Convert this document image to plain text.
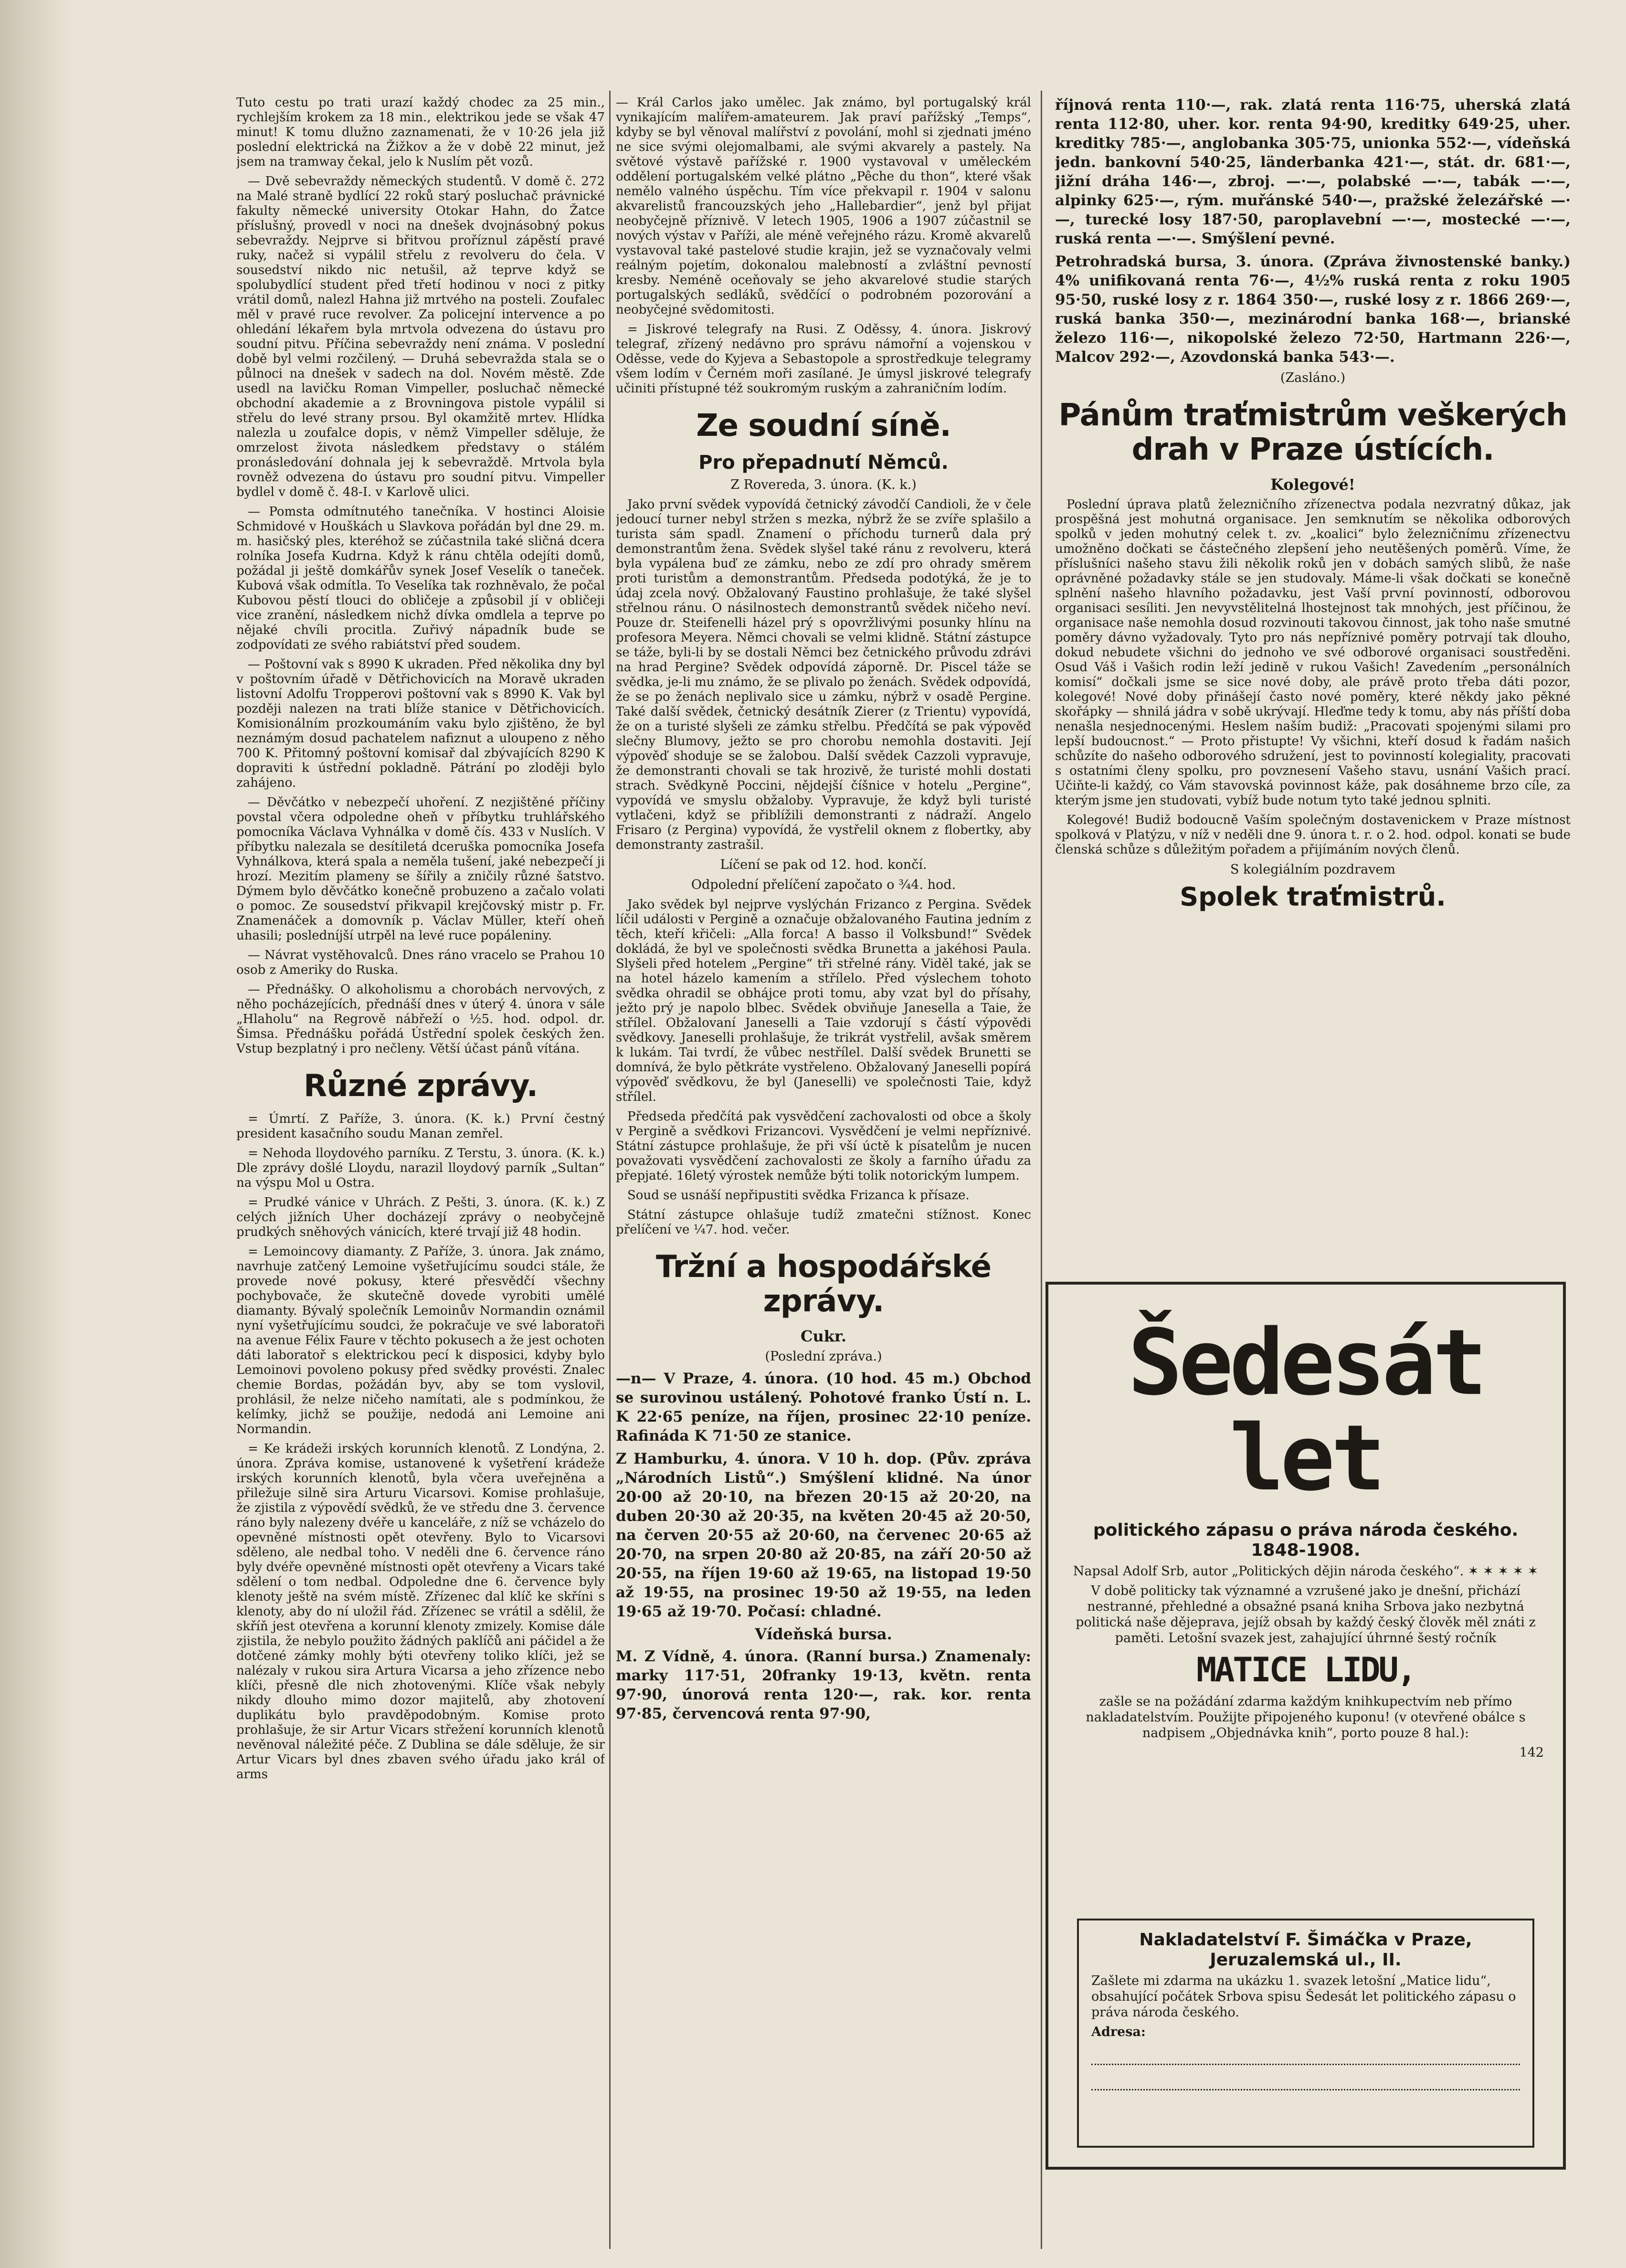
Tuto cestu po trati urazí každý chodec za 25 min., rychlejším krokem za 18 min., elektrikou jede se však 47 minut! K tomu dlužno zaznamenati, že v 10·26 jela již poslední elektrická na Žižkov a že v době 22 minut, jež jsem na tramway čekal, jelo k Nuslím pět vozů.

— Dvě sebevraždy německých studentů. V domě č. 272 na Malé straně bydlící 22 roků starý posluchač právnické fakulty německé university Otokar Hahn, do Žatce příslušný, provedl v noci na dnešek dvojnásobný pokus sebevraždy. Nejprve si břitvou proříznul zápěstí pravé ruky, načež si vypálil střelu z revolveru do čela. V sousedství nikdo nic netušil, až teprve když se spolubydlící student před třetí hodinou v noci z pitky vrátil domů, nalezl Hahna již mrtvého na posteli. Zoufalec měl v pravé ruce revolver. Za policejní intervence a po ohledání lékařem byla mrtvola odvezena do ústavu pro soudní pitvu. Příčina sebevraždy není známa. V poslední době byl velmi rozčilený. — Druhá sebevražda stala se o půlnoci na dnešek v sadech na dol. Novém městě. Zde usedl na lavičku Roman Vimpeller, posluchač německé obchodní akademie a z Brovningova pistole vypálil si střelu do levé strany prsou. Byl okamžitě mrtev. Hlídka nalezla u zoufalce dopis, v němž Vimpeller sděluje, že omrzelost života následkem představy o stálém pronásledování dohnala jej k sebevraždě. Mrtvola byla rovněž odvezena do ústavu pro soudní pitvu. Vimpeller bydlel v domě č. 48-I. v Karlově ulici.

— Pomsta odmítnutého tanečníka. V hostinci Aloisie Schmidové v Houškách u Slavkova pořádán byl dne 29. m. m. hasičský ples, kteréhož se zúčastnila také sličná dcera rolníka Josefa Kudrna. Když k ránu chtěla odejíti domů, požádal ji ještě domkářův synek Josef Veselík o taneček. Kubová však odmítla. To Veselíka tak rozhněvalo, že počal Kubovou pěstí tlouci do obličeje a způsobil jí v obličeji vice zranění, následkem nichž dívka omdlela a teprve po nějaké chvíli procitla. Zuřivý nápadník bude se zodpovídati ze svého rabiátství před soudem.

— Poštovní vak s 8990 K ukraden. Před několika dny byl v poštovním úřadě v Dětřichovicích na Moravě ukraden listovní Adolfu Tropperovi poštovní vak s 8990 K. Vak byl později nalezen na trati blíže stanice v Dětřichovicích. Komisionálním prozkoumáním vaku bylo zjištěno, že byl neznámým dosud pachatelem nafiznut a uloupeno z něho 700 K. Přitomný poštovní komisař dal zbývajících 8290 K dopraviti k ústřední pokladně. Pátrání po zloději bylo zahájeno.

— Děvčátko v nebezpečí uhoření. Z nezjištěné příčiny povstal včera odpoledne oheň v příbytku truhlářského pomocníka Václava Vyhnálka v domě čís. 433 v Nuslích. V příbytku nalezala se desítiletá dceruška pomocníka Josefa Vyhnálkova, která spala a neměla tušení, jaké nebezpečí ji hrozí. Mezitím plameny se šířily a zničily různé šatstvo. Dýmem bylo děvčátko konečně probuzeno a začalo volati o pomoc. Ze sousedství přikvapil krejčovský mistr p. Fr. Znamenáček a domovník p. Václav Müller, kteří oheň uhasili; posledníjší utrpěl na levé ruce popáleniny.

— Návrat vystěhovalců. Dnes ráno vracelo se Prahou 10 osob z Ameriky do Ruska.

— Přednášky. O alkoholismu a chorobách nervových, z něho pocházejících, přednáší dnes v úterý 4. února v sále „Hlaholu“ na Regrově nábřeží o ½5. hod. odpol. dr. Šimsa. Přednášku pořádá Ústřední spolek českých žen. Vstup bezplatný i pro nečleny. Větší účast pánů vítána.

Různé zprávy.

= Úmrtí. Z Paříže, 3. února. (K. k.) První čestný president kasačního soudu Manan zemřel.

= Nehoda lloydového parníku. Z Terstu, 3. února. (K. k.) Dle zprávy došlé Lloydu, narazil lloydový parník „Sultan“ na výspu Mol u Ostra.

= Prudké vánice v Uhrách. Z Pešti, 3. února. (K. k.) Z celých jižních Uher docházejí zprávy o neobyčejně prudkých sněhových vánicích, které trvají již 48 hodin.

= Lemoincovy diamanty. Z Paříže, 3. února. Jak známo, navrhuje zatčený Lemoine vyšetřujícímu soudci stále, že provede nové pokusy, které přesvědčí všechny pochybovače, že skutečně dovede vyrobiti umělé diamanty. Bývalý společník Lemoinův Normandin oznámil nyní vyšetřujícímu soudci, že pokračuje ve své laboratoři na avenue Félix Faure v těchto pokusech a že jest ochoten dáti laboratoř s elektrickou pecí k disposici, kdyby bylo Lemoinovi povoleno pokusy před svědky provésti. Znalec chemie Bordas, požádán byv, aby se tom vyslovil, prohlásil, že nelze ničeho namítati, ale s podmínkou, že kelímky, jichž se použije, nedodá ani Lemoine ani Normandin.

= Ke krádeži irských korunních klenotů. Z Londýna, 2. února. Zpráva komise, ustanovené k vyšetření krádeže irských korunních klenotů, byla včera uveřejněna a přiležuje silně sira Arturu Vicarsovi. Komise prohlašuje, že zjistila z výpovědí svědků, že ve středu dne 3. července ráno byly nalezeny dvéře u kanceláře, z níž se vcházelo do opevněné místnosti opět otevřeny. Bylo to Vicarsovi sděleno, ale nedbal toho. V neděli dne 6. července ráno byly dvéře opevněné místnosti opět otevřeny a Vicars také sdělení o tom nedbal. Odpoledne dne 6. července byly klenoty ještě na svém místě. Zřízenec dal klíč ke skříni s klenoty, aby do ní uložil řád. Zřízenec se vrátil a sdělil, že skříň jest otevřena a korunní klenoty zmizely. Komise dále zjistila, že nebylo použito žádných paklíčů ani páčidel a že dotčené zámky mohly býti otevřeny toliko klíči, jež se nalézaly v rukou sira Artura Vicarsa a jeho zřízence nebo klíči, přesně dle nich zhotovenými. Klíče však nebyly nikdy dlouho mimo dozor majitelů, aby zhotovení duplikátu bylo pravděpodobným. Komise proto prohlašuje, že sir Artur Vicars střežení korunních klenotů nevěnoval náležité péče. Z Dublina se dále sděluje, že sir Artur Vicars byl dnes zbaven svého úřadu jako král of arms

— Král Carlos jako umělec. Jak známo, byl portugalský král vynikajícím malířem-amateurem. Jak praví pařížský „Temps“, kdyby se byl věnoval malířství z povolání, mohl si zjednati jméno ne sice svými olejomalbami, ale svými akvarely a pastely. Na světové výstavě pařížské r. 1900 vystavoval v uměleckém oddělení portugalském velké plátno „Pêche du thon“, které však nemělo valného úspěchu. Tím více překvapil r. 1904 v salonu akvarelistů francouzských jeho „Hallebardier“, jenž byl přijat neobyčejně příznivě. V letech 1905, 1906 a 1907 zúčastnil se nových výstav v Paříži, ale méně veřejného rázu. Kromě akvarelů vystavoval také pastelové studie krajin, jež se vyznačovaly velmi reálným pojetím, dokonalou malebností a zvláštní pevností kresby. Neméně oceňovaly se jeho akvarelové studie starých portugalských sedláků, svědčící o podrobném pozorování a neobyčejné svědomitosti.

= Jiskrové telegrafy na Rusi. Z Oděssy, 4. února. Jiskrový telegraf, zřízený nedávno pro správu námořní a vojenskou v Oděsse, vede do Kyjeva a Sebastopole a sprostředkuje telegramy všem lodím v Černém moři zasílané. Je úmysl jiskrové telegrafy učiniti přístupné též soukromým ruským a zahraničním lodím.

Ze soudní síně.
Pro přepadnutí Němců.

Z Rovereda, 3. února. (K. k.)

Jako první svědek vypovídá četnický závodčí Candioli, že v čele jedoucí turner nebyl stržen s mezka, nýbrž že se zvíře splašilo a turista sám spadl. Znamení o příchodu turnerů dala prý demonstrantům žena. Svědek slyšel také ránu z revolveru, která byla vypálena buď ze zámku, nebo ze zdí pro ohrady směrem proti turistům a demonstrantům. Předseda podotýká, že je to údaj zcela nový. Obžalovaný Faustino prohlašuje, že také slyšel střelnou ránu. O násilnostech demonstrantů svědek ničeho neví. Pouze dr. Steifenelli házel prý s opovržlivými posunky hlínu na profesora Meyera. Němci chovali se velmi klidně. Státní zástupce se táže, byli-li by se dostali Němci bez četnického průvodu zdrávi na hrad Pergine? Svědek odpovídá záporně. Dr. Piscel táže se svědka, je-li mu známo, že se plivalo po ženách. Svědek odpovídá, že se po ženách neplivalo sice u zámku, nýbrž v osadě Pergine. Také další svědek, četnický desátník Zierer (z Trientu) vypovídá, že on a turisté slyšeli ze zámku střelbu. Předčítá se pak výpověď slečny Blumovy, ježto se pro chorobu nemohla dostaviti. Její výpověď shoduje se se žalobou. Další svědek Cazzoli vypravuje, že demonstranti chovali se tak hrozivě, že turisté mohli dostati strach. Svědkyně Poccini, nějdejší číšnice v hotelu „Pergine“, vypovídá ve smyslu obžaloby. Vypravuje, že když byli turisté vytlačeni, když se přiblížili demonstranti z nádraží. Angelo Frisaro (z Pergina) vypovídá, že vystřelil oknem z flobertky, aby demonstranty zastrašil.

Líčení se pak od 12. hod. končí.

Odpolední přelíčení započato o ¾4. hod.

Jako svědek byl nejprve vyslýchán Frizanco z Pergina. Svědek líčil události v Pergině a označuje obžalovaného Fautina jedním z těch, kteří křičeli: „Alla forca! A basso il Volksbund!“ Svědek dokládá, že byl ve společnosti svědka Brunetta a jakéhosi Paula. Slyšeli před hotelem „Pergine“ tři střelné rány. Viděl také, jak se na hotel házelo kamením a střílelo. Před výslechem tohoto svědka ohradil se obhájce proti tomu, aby vzat byl do přísahy, ježto prý je napolo blbec. Svědek obviňuje Janesella a Taie, že střílel. Obžalovaní Janeselli a Taie vzdorují s částí výpovědi svědkovy. Janeselli prohlašuje, že trikrát vystřelil, avšak směrem k lukám. Tai tvrdí, že vůbec nestřílel. Další svědek Brunetti se domnívá, že bylo pětkráte vystřeleno. Obžalovaný Janeselli popírá výpověď svědkovu, že byl (Janeselli) ve společnosti Taie, když střílel.

Předseda předčítá pak vysvědčení zachovalosti od obce a školy v Pergině a svědkovi Frizancovi. Vysvědčení je velmi nepříznivé. Státní zástupce prohlašuje, že při vší úctě k písatelům je nucen považovati vysvědčení zachovalosti ze školy a farního úřadu za přepjaté. 16letý výrostek nemůže býti tolik notorickým lumpem.

Soud se usnáší nepřipustiti svědka Frizanca k přísaze.

Státní zástupce ohlašuje tudíž zmatečni stížnost. Konec přelíčení ve ¼7. hod. večer.

Tržní a hospodářské zprávy.
Cukr.

(Poslední zpráva.)

—n— V Praze, 4. února. (10 hod. 45 m.) Obchod se surovinou ustálený. Pohotové franko Ústí n. L. K 22·65 peníze, na říjen, prosinec 22·10 peníze. Rafináda K 71·50 ze stanice.

Z Hamburku, 4. února. V 10 h. dop. (Pův. zpráva „Národních Listů“.) Smýšlení klidné. Na únor 20·00 až 20·10, na březen 20·15 až 20·20, na duben 20·30 až 20·35, na květen 20·45 až 20·50, na červen 20·55 až 20·60, na červenec 20·65 až 20·70, na srpen 20·80 až 20·85, na září 20·50 až 20·55, na říjen 19·60 až 19·65, na listopad 19·50 až 19·55, na prosinec 19·50 až 19·55, na leden 19·65 až 19·70. Počasí: chladné.

Vídeňská bursa.

M. Z Vídně, 4. února. (Ranní bursa.) Znamenaly: marky 117·51, 20franky 19·13, květn. renta 97·90, únorová renta 120·—, rak. kor. renta 97·85, červencová renta 97·90,

říjnová renta 110·—, rak. zlatá renta 116·75, uherská zlatá renta 112·80, uher. kor. renta 94·90, kreditky 649·25, uher. kreditky 785·—, anglobanka 305·75, unionka 552·—, vídeňská jedn. bankovní 540·25, länderbanka 421·—, stát. dr. 681·—, jižní dráha 146·—, zbroj. —·—, polabské —·—, tabák —·—, alpinky 625·—, rým. muřánské 540·—, pražské železářské —·—, turecké losy 187·50, paroplavební —·—, mostecké —·—, ruská renta —·—. Smýšlení pevné.

Petrohradská bursa, 3. února. (Zpráva živnostenské banky.) 4% unifikovaná renta 76·—, 4½% ruská renta z roku 1905 95·50, ruské losy z r. 1864 350·—, ruské losy z r. 1866 269·—, ruská banka 350·—, mezinárodní banka 168·—, brianské železo 116·—, nikopolské železo 72·50, Hartmann 226·—, Malcov 292·—, Azovdonská banka 543·—.

(Zasláno.)

Pánům traťmistrům veškerých drah v Praze ústících.
Kolegové!

Poslední úprava platů železničního zřízenectva podala nezvratný důkaz, jak prospěšná jest mohutná organisace. Jen semknutím se několika odborových spolků v jeden mohutný celek t. zv. „koalici“ bylo železničnímu zřízenectvu umožněno dočkati se částečného zlepšení jeho neutěšených poměrů. Víme, že příslušníci našeho stavu žili několik roků jen v dobách samých slibů, že naše oprávněné požadavky stále se jen studovaly. Máme-li však dočkati se konečně splnění našeho hlavního požadavku, jest Vaší první povinností, odborovou organisaci sesíliti. Jen nevyvstělitelná lhostejnost tak mnohých, jest příčinou, že organisace naše nemohla dosud rozvinouti takovou činnost, jak toho naše smutné poměry dávno vyžadovaly. Tyto pro nás nepříznivé poměry potrvají tak dlouho, dokud nebudete všichni do jednoho ve své odborové organisaci soustředěni. Osud Váš i Vašich rodin leží jedině v rukou Vašich! Zavedením „personálních komisí“ dočkali jsme se sice nové doby, ale právě proto třeba dáti pozor, kolegové! Nové doby přinášejí často nové poměry, které někdy jako pěkné skořápky — shnilá jádra v sobě ukrývají. Hleďme tedy k tomu, aby nás příští doba nenašla nesjednocenými. Heslem naším budiž: „Pracovati spojenými silami pro lepší budoucnost.“ — Proto přistupte! Vy všichni, kteří dosud k řadám našich schůzíte do našeho odborového sdružení, jest to povinností kolegiality, pracovati s ostatními členy spolku, pro povznesení Vašeho stavu, usnání Vašich prací. Učiňte-li každý, co Vám stavovská povinnost káže, pak dosáhneme brzo cíle, za kterým jsme jen studovati, vybíž bude notum tyto také jednou splniti.

Kolegové! Budiž bodoucně Vaším společným dostavenickem v Praze místnost spolková v Platýzu, v níž v neděli dne 9. února t. r. o 2. hod. odpol. konati se bude členská schůze s důležitým pořadem a přijímáním nových členů.

S kolegiálním pozdravem

Spolek traťmistrů.

Šedesát let

politického zápasu o práva národa českého. 1848-1908.

Napsal Adolf Srb, autor „Politických dějin národa českého“. ✶ ✶ ✶ ✶ ✶

V době politicky tak významné a vzrušené jako je dnešní, přichází nestranné, přehledné a obsažné psaná kniha Srbova jako nezbytná politická naše dějeprava, jejíž obsah by každý český člověk měl znáti z paměti. Letošní svazek jest, zahajující úhrnné šestý ročník

MATICE LIDU,

zašle se na požádání zdarma každým knihkupectvím neb přímo nakladatelstvím. Použijte připojeného kuponu! (v otevřené obálce s nadpisem „Objednávka knih“, porto pouze 8 hal.):

142

Nakladatelství F. Šimáčka v Praze, Jeruzalemská ul., II.

Zašlete mi zdarma na ukázku 1. svazek letošní „Matice lidu“, obsahující počátek Srbova spisu Šedesát let politického zápasu o práva národa českého.

Adresa:
